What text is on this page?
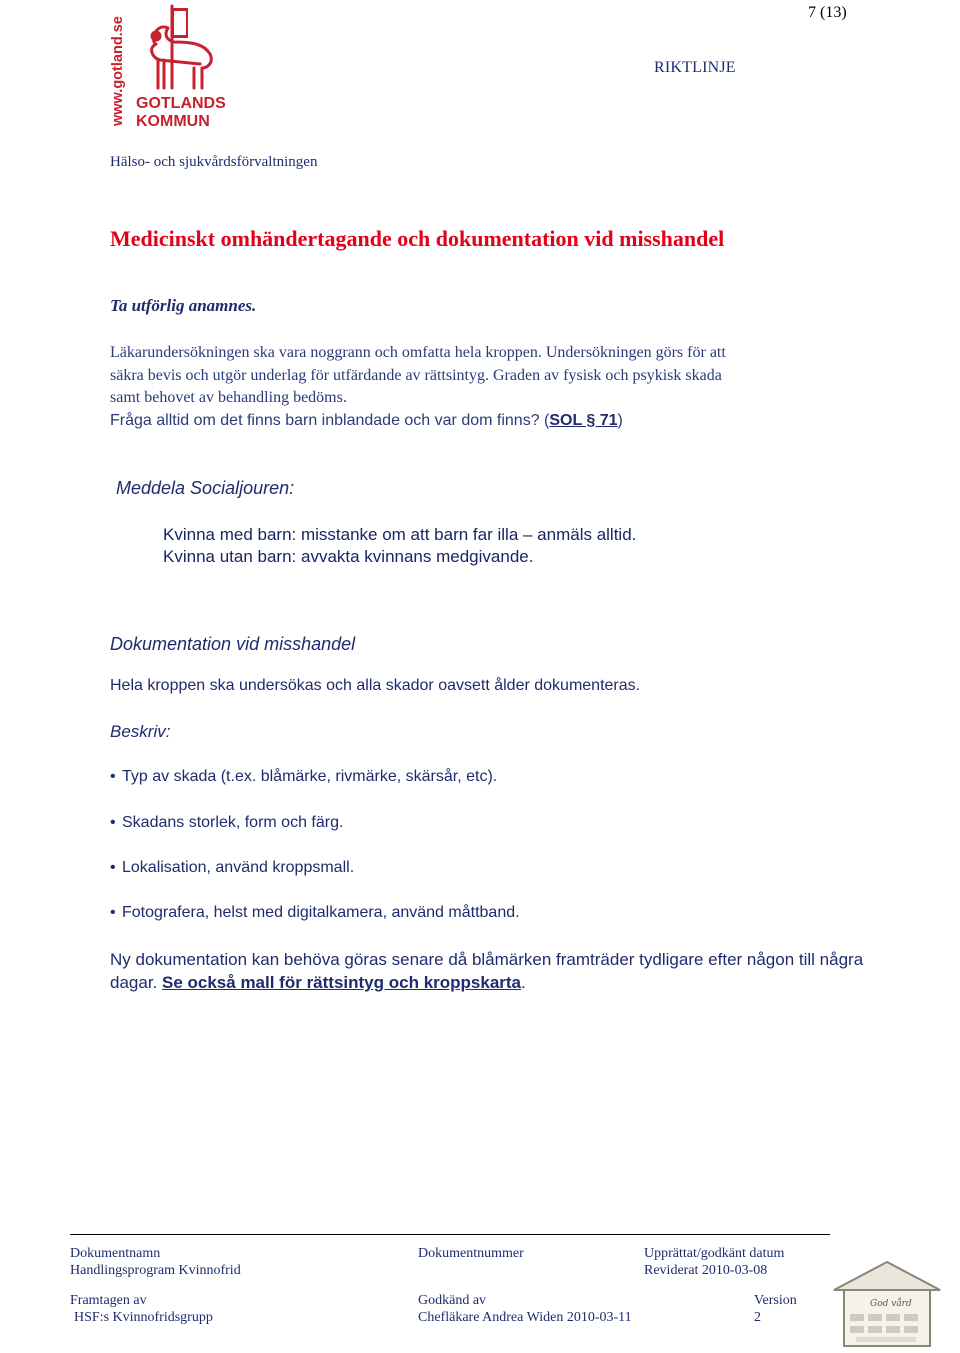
7 (13)
www.gotland.se GOTLANDS
KOMMUN
RIKTLINJE
Hälso- och sjukvårdsförvaltningen
Medicinskt omhändertagande och dokumentation vid misshandel
Ta utförlig anamnes.
Läkarundersökningen ska vara noggrann och omfatta hela kroppen. Undersökningen görs för att
säkra bevis och utgör underlag för utfärdande av rättsintyg. Graden av fysisk och psykisk skada
samt behovet av behandling bedöms.
Fråga alltid om det finns barn inblandade och var dom finns? (SOL § 71)
Meddela Socialjouren:
Kvinna med barn: misstanke om att barn far illa – anmäls alltid.
Kvinna utan barn: avvakta kvinnans medgivande.
Dokumentation vid misshandel
Hela kroppen ska undersökas och alla skador oavsett ålder dokumenteras.
Beskriv:
• Typ av skada (t.ex. blåmärke, rivmärke, skärsår, etc).
• Skadans storlek, form och färg.
• Lokalisation, använd kroppsmall.
• Fotografera, helst med digitalkamera, använd måttband.
Ny dokumentation kan behöva göras senare då blåmärken framträder tydligare efter någon till några dagar. Se också mall för rättsintyg och kroppskarta.
Dokumentnamn
Handlingsprogram Kvinnofrid
Dokumentnummer	Upprättat/godkänt datum
Reviderat 2010-03-08
Framtagen av
HSF:s Kvinnofridsgrupp
Godkänd av
Chefläkare Andrea Widen 2010-03-11
Version
2
God vård
